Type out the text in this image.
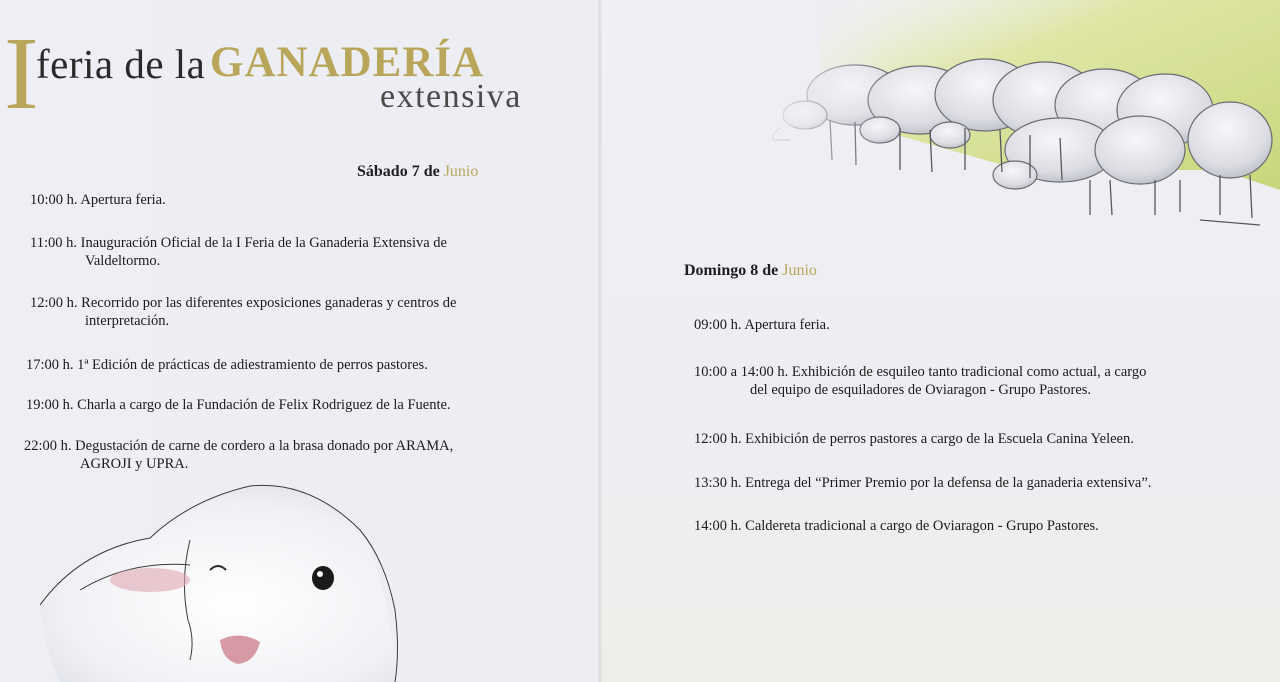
I
feria de la GANADERÍA
extensiva
Sábado 7 de Junio
10:00 h. Apertura feria.
11:00 h. Inauguración Oficial de la I Feria de la Ganaderia Extensiva de
Valdeltormo.
12:00 h. Recorrido por las diferentes exposiciones ganaderas y centros de
interpretación.
17:00 h. 1ª Edición de prácticas de adiestramiento de perros pastores.
19:00 h. Charla a cargo de la Fundación de Felix Rodriguez de la Fuente.
22:00 h. Degustación de carne de cordero a la brasa donado por ARAMA,
AGROJI y UPRA.
Domingo 8 de Junio
09:00 h. Apertura feria.
10:00 a 14:00 h. Exhibición de esquileo tanto tradicional como actual, a cargo
del equipo de esquiladores de Oviaragon - Grupo Pastores.
12:00 h. Exhibición de perros pastores a cargo de la Escuela Canina Yeleen.
13:30 h. Entrega del “Primer Premio por la defensa de la ganaderia extensiva”.
14:00 h. Caldereta tradicional a cargo de Oviaragon - Grupo Pastores.
